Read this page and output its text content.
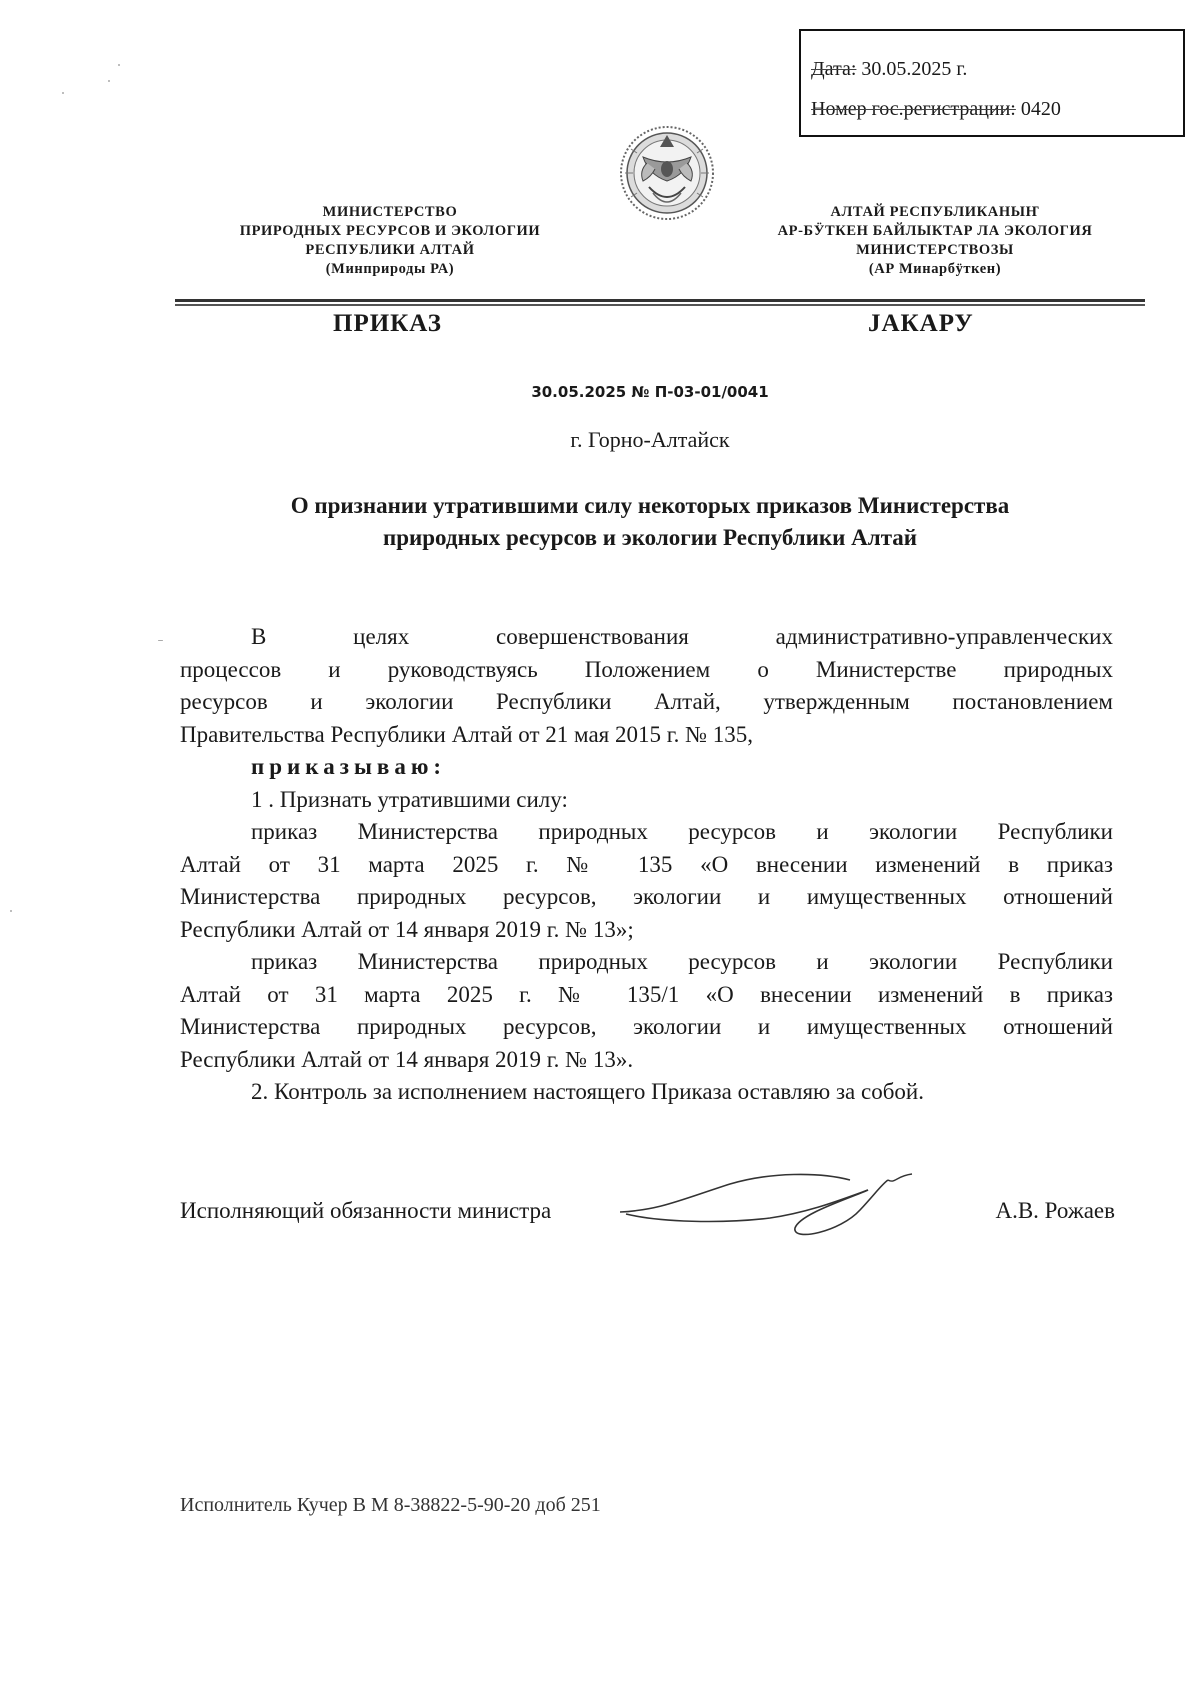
Дата: 30.05.2025 г.
Номер гос.регистрации: 0420
МИНИСТЕРСТВО
ПРИРОДНЫХ РЕСУРСОВ И ЭКОЛОГИИ
РЕСПУБЛИКИ АЛТАЙ
(Минприроды РА)
АЛТАЙ РЕСПУБЛИКАНЫҤ
АР-БӰТКЕН БАЙЛЫКТАР ЛА ЭКОЛОГИЯ
МИНИСТЕРСТВОЗЫ
(АР Минарбӱткен)
ПРИКАЗ	JАКАРУ
30.05.2025 № П-03-01/0041
г. Горно-Алтайск
О признании утратившими силу некоторых приказов Министерства
природных ресурсов и экологии Республики Алтай
В целях совершенствования административно-управленческих
процессов и руководствуясь Положением о Министерстве природных
ресурсов и экологии Республики Алтай, утвержденным постановлением
Правительства Республики Алтай от 21 мая 2015 г. № 135,
приказываю:
1 . Признать утратившими силу:
приказ Министерства природных ресурсов и экологии Республики
Алтай от 31 марта 2025 г. № 135 «О внесении изменений в приказ
Министерства природных ресурсов, экологии и имущественных отношений
Республики Алтай от 14 января 2019 г. № 13»;
приказ Министерства природных ресурсов и экологии Республики
Алтай от 31 марта 2025 г. № 135/1 «О внесении изменений в приказ
Министерства природных ресурсов, экологии и имущественных отношений
Республики Алтай от 14 января 2019 г. № 13».
2. Контроль за исполнением настоящего Приказа оставляю за собой.
Исполняющий обязанности министра	А.В. Рожаев
Исполнитель Кучер В М 8-38822-5-90-20 доб 251
